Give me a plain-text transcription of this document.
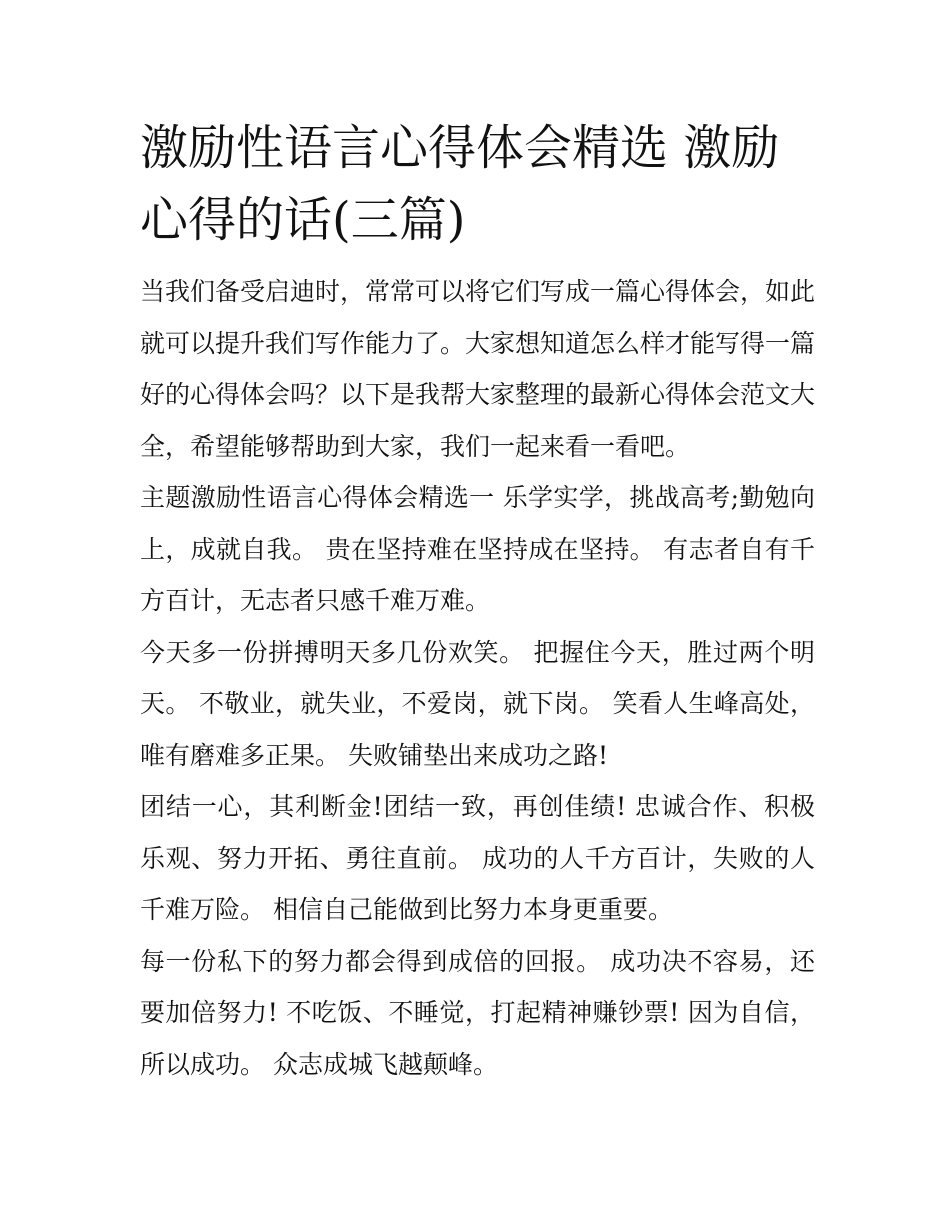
激励性语言心得体会精选 激励心得的话(三篇)

当我们备受启迪时，常常可以将它们写成一篇心得体会，如此就可以提升我们写作能力了。大家想知道怎么样才能写得一篇好的心得体会吗？以下是我帮大家整理的最新心得体会范文大全，希望能够帮助到大家，我们一起来看一看吧。

主题激励性语言心得体会精选一 乐学实学，挑战高考;勤勉向上，成就自我。 贵在坚持难在坚持成在坚持。 有志者自有千方百计，无志者只感千难万难。

今天多一份拼搏明天多几份欢笑。 把握住今天，胜过两个明天。 不敬业，就失业，不爱岗，就下岗。 笑看人生峰高处，唯有磨难多正果。 失败铺垫出来成功之路!

团结一心，其利断金!团结一致，再创佳绩! 忠诚合作、积极乐观、努力开拓、勇往直前。 成功的人千方百计，失败的人千难万险。 相信自己能做到比努力本身更重要。

每一份私下的努力都会得到成倍的回报。 成功决不容易，还要加倍努力! 不吃饭、不睡觉，打起精神赚钞票! 因为自信，所以成功。 众志成城飞越颠峰。
